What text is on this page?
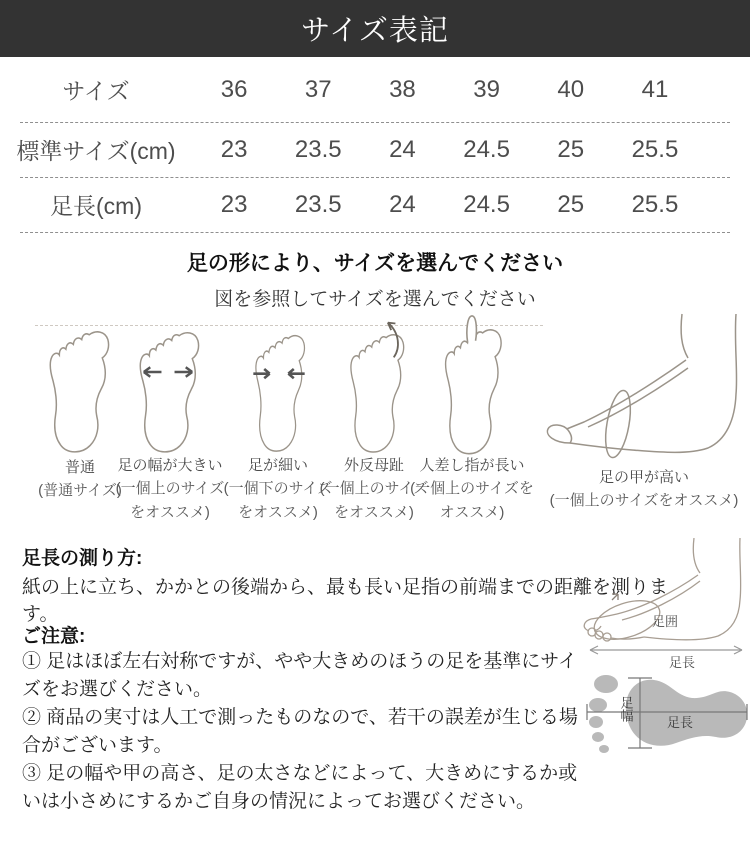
サイズ表記
サイズ	36	37	38	39	40	41
標準サイズ(cm)	23	23.5	24	24.5	25	25.5
足長(cm)	23	23.5	24	24.5	25	25.5
足の形により、サイズを選んでください
図を参照してサイズを選んでください
普通
(普通サイズ)
足の幅が大きい
(一個上のサイズをオススメ)
足が細い
(一個下のサイズをオススメ)
外反母趾
(一個上のサイズをオススメ)
人差し指が長い
(一個上のサイズをオススメ)
足の甲が高い
(一個上のサイズをオススメ)
足長の測り方:
紙の上に立ち、かかとの後端から、最も長い足指の前端までの距離を測ります。
ご注意:

① 足はほぼ左右対称ですが、やや大きめのほうの足を基準にサイズをお選びください。

② 商品の実寸は人工で測ったものなので、若干の誤差が生じる場合がございます。

③ 足の幅や甲の高さ、足の太さなどによって、大きめにするか或いは小さめにするかご自身の情況によってお選びください。

足囲
足長
足幅
足長
